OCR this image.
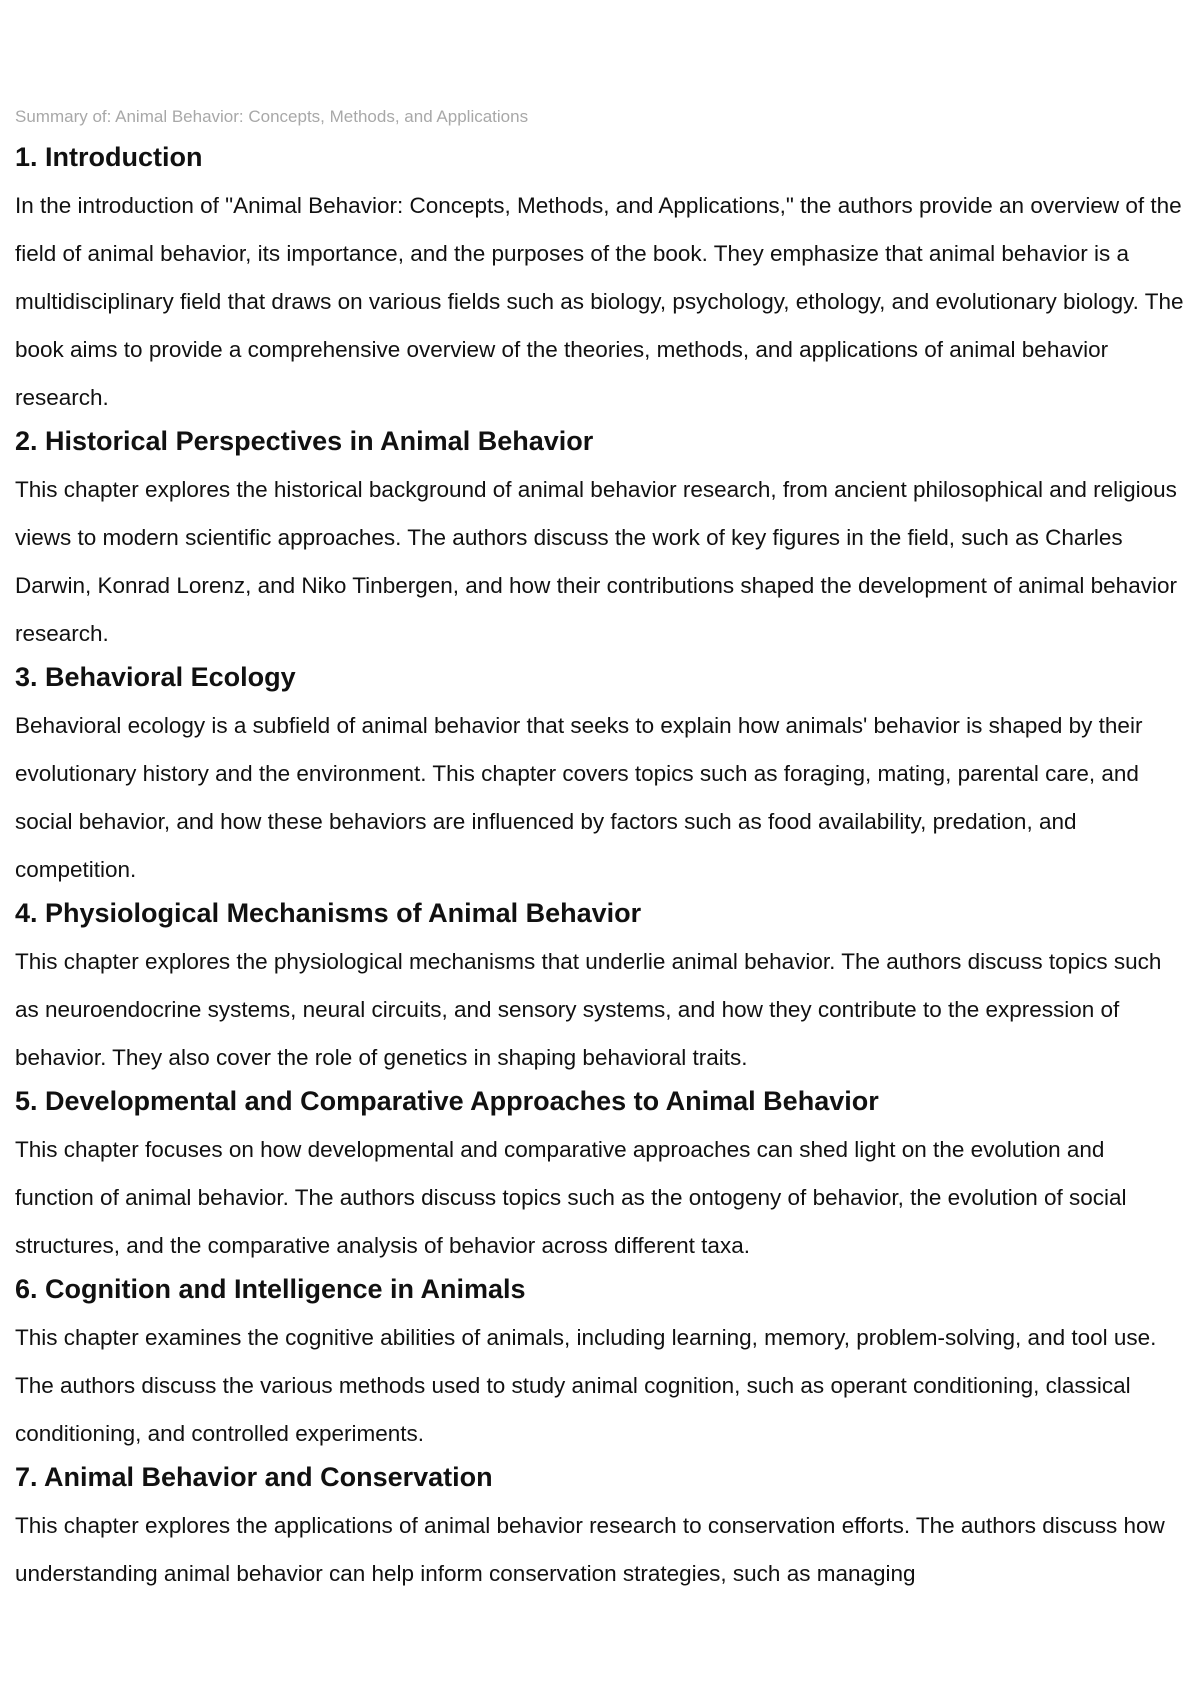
Summary of: Animal Behavior: Concepts, Methods, and Applications
1. Introduction

In the introduction of "Animal Behavior: Concepts, Methods, and Applications," the authors provide an overview of the field of animal behavior, its importance, and the purposes of the book. They emphasize that animal behavior is a multidisciplinary field that draws on various fields such as biology, psychology, ethology, and evolutionary biology. The book aims to provide a comprehensive overview of the theories, methods, and applications of animal behavior research.

2. Historical Perspectives in Animal Behavior

This chapter explores the historical background of animal behavior research, from ancient philosophical and religious views to modern scientific approaches. The authors discuss the work of key figures in the field, such as Charles Darwin, Konrad Lorenz, and Niko Tinbergen, and how their contributions shaped the development of animal behavior research.

3. Behavioral Ecology

Behavioral ecology is a subfield of animal behavior that seeks to explain how animals' behavior is shaped by their evolutionary history and the environment. This chapter covers topics such as foraging, mating, parental care, and social behavior, and how these behaviors are influenced by factors such as food availability, predation, and competition.

4. Physiological Mechanisms of Animal Behavior

This chapter explores the physiological mechanisms that underlie animal behavior. The authors discuss topics such as neuroendocrine systems, neural circuits, and sensory systems, and how they contribute to the expression of behavior. They also cover the role of genetics in shaping behavioral traits.

5. Developmental and Comparative Approaches to Animal Behavior

This chapter focuses on how developmental and comparative approaches can shed light on the evolution and function of animal behavior. The authors discuss topics such as the ontogeny of behavior, the evolution of social structures, and the comparative analysis of behavior across different taxa.

6. Cognition and Intelligence in Animals

This chapter examines the cognitive abilities of animals, including learning, memory, problem-solving, and tool use. The authors discuss the various methods used to study animal cognition, such as operant conditioning, classical conditioning, and controlled experiments.

7. Animal Behavior and Conservation

This chapter explores the applications of animal behavior research to conservation efforts. The authors discuss how understanding animal behavior can help inform conservation strategies, such as managing
